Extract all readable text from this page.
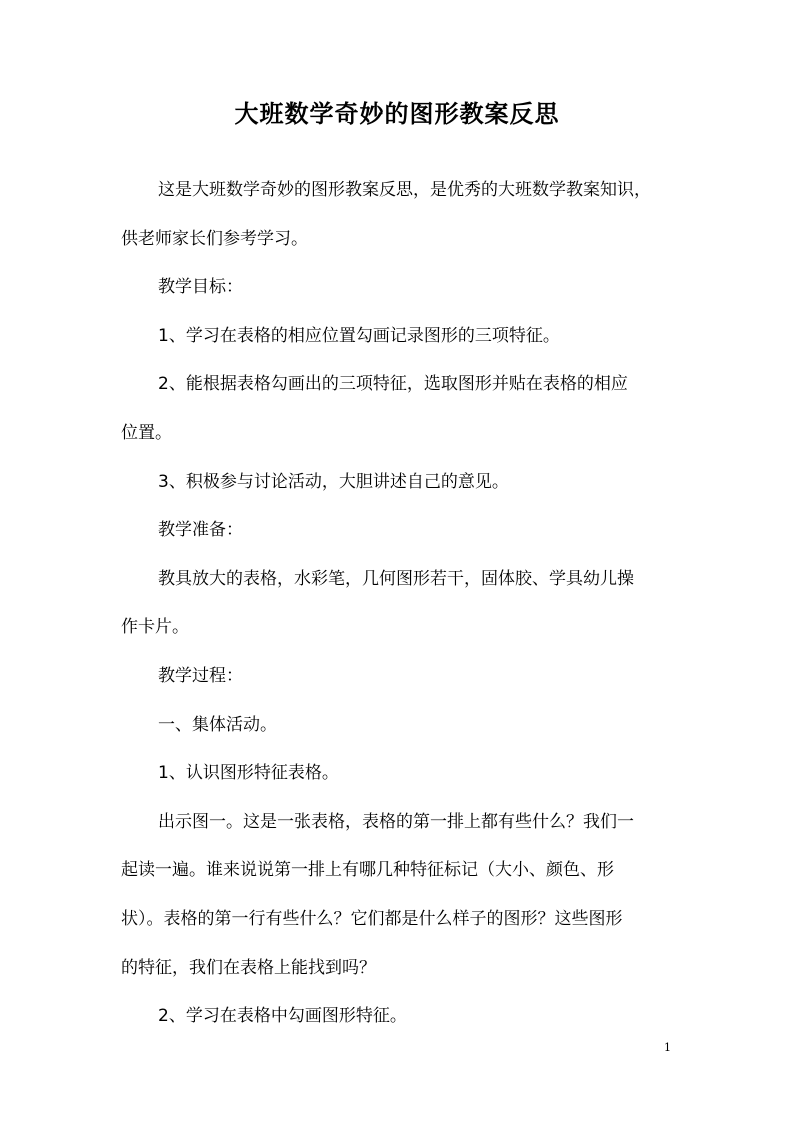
大班数学奇妙的图形教案反思

这是大班数学奇妙的图形教案反思，是优秀的大班数学教案知识，
供老师家长们参考学习。

教学目标：

1、学习在表格的相应位置勾画记录图形的三项特征。

2、能根据表格勾画出的三项特征，选取图形并贴在表格的相应
位置。

3、积极参与讨论活动，大胆讲述自己的意见。

教学准备：

教具放大的表格，水彩笔，几何图形若干，固体胶、学具幼儿操
作卡片。

教学过程：

一、集体活动。

1、认识图形特征表格。

出示图一。这是一张表格，表格的第一排上都有些什么？我们一
起读一遍。谁来说说第一排上有哪几种特征标记（大小、颜色、形
状）。表格的第一行有些什么？它们都是什么样子的图形？这些图形
的特征，我们在表格上能找到吗？

2、学习在表格中勾画图形特征。

1
